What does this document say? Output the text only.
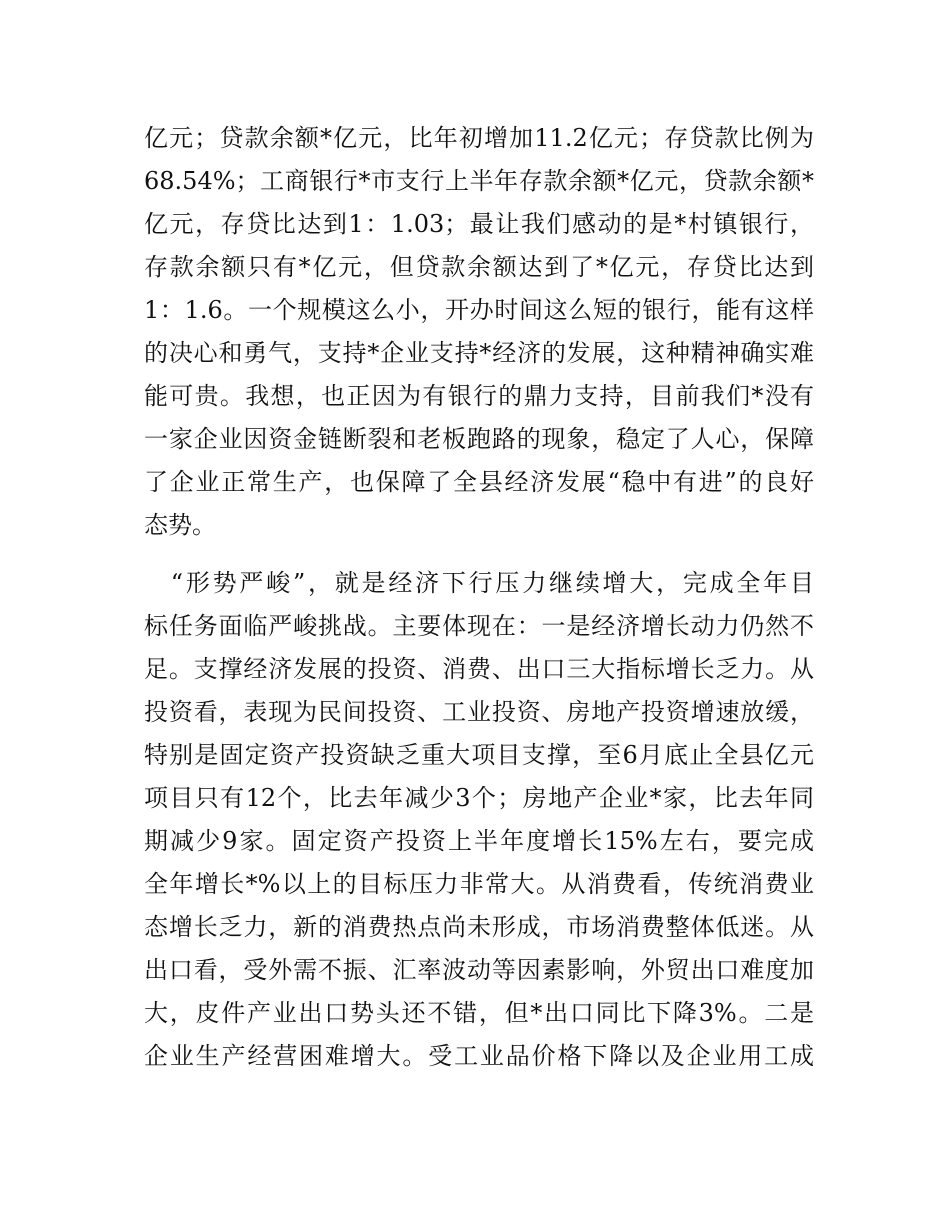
亿元；贷款余额*亿元，比年初增加11.2亿元；存贷款比例为
68.54%；工商银行*市支行上半年存款余额*亿元，贷款余额*
亿元，存贷比达到1：1.03；最让我们感动的是*村镇银行，
存款余额只有*亿元，但贷款余额达到了*亿元，存贷比达到
1：1.6。一个规模这么小，开办时间这么短的银行，能有这样
的决心和勇气，支持*企业支持*经济的发展，这种精神确实难
能可贵。我想，也正因为有银行的鼎力支持，目前我们*没有
一家企业因资金链断裂和老板跑路的现象，稳定了人心，保障
了企业正常生产，也保障了全县经济发展“稳中有进”的良好
态势。
　“形势严峻”，就是经济下行压力继续增大，完成全年目
标任务面临严峻挑战。主要体现在：一是经济增长动力仍然不
足。支撑经济发展的投资、消费、出口三大指标增长乏力。从
投资看，表现为民间投资、工业投资、房地产投资增速放缓，
特别是固定资产投资缺乏重大项目支撑，至6月底止全县亿元
项目只有12个，比去年减少3个；房地产企业*家，比去年同
期减少9家。固定资产投资上半年度增长15%左右，要完成
全年增长*%以上的目标压力非常大。从消费看，传统消费业
态增长乏力，新的消费热点尚未形成，市场消费整体低迷。从
出口看，受外需不振、汇率波动等因素影响，外贸出口难度加
大，皮件产业出口势头还不错，但*出口同比下降3%。二是
企业生产经营困难增大。受工业品价格下降以及企业用工成
